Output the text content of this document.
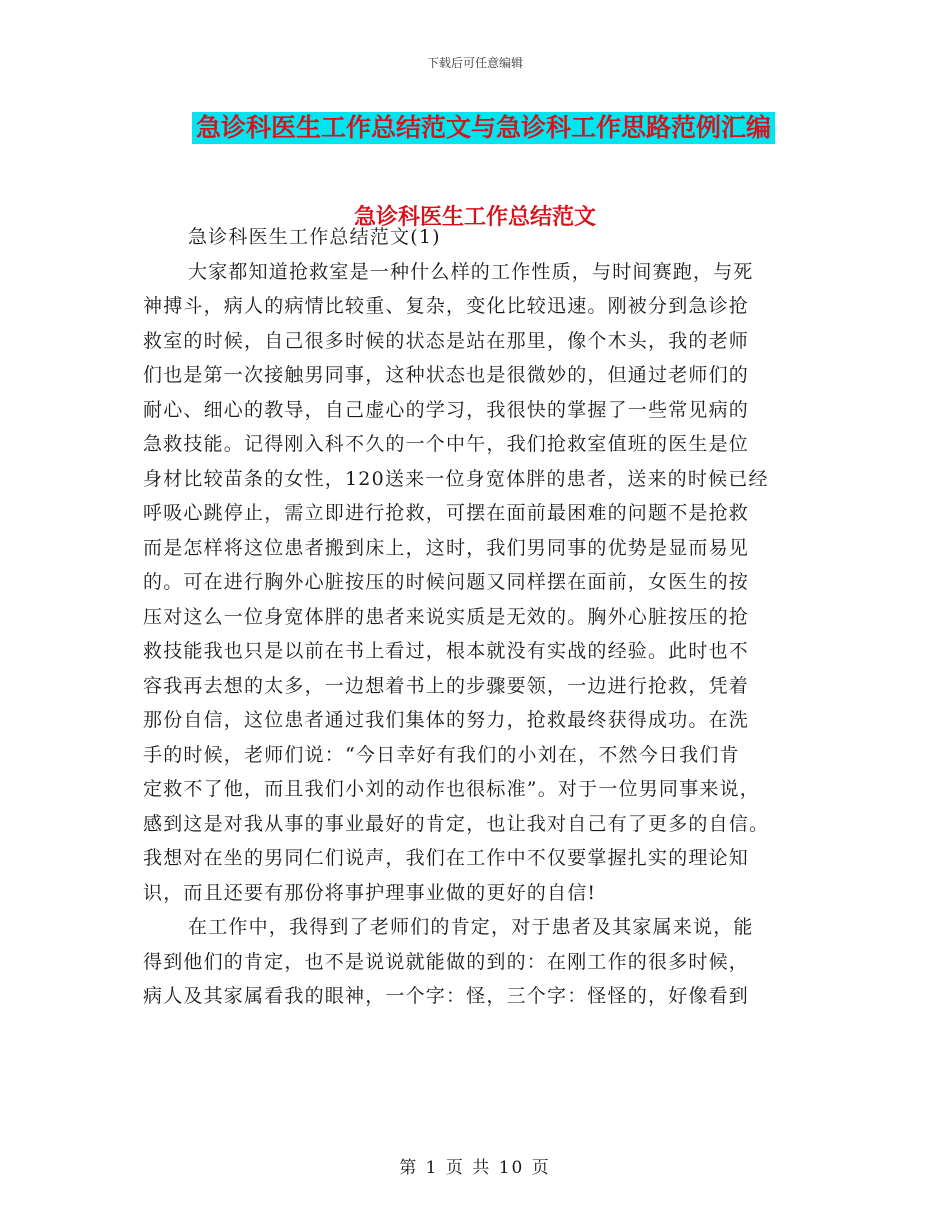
下载后可任意编辑
急诊科医生工作总结范文与急诊科工作思路范例汇编
急诊科医生工作总结范文
急诊科医生工作总结范文(1)
大家都知道抢救室是一种什么样的工作性质，与时间赛跑，与死
神搏斗，病人的病情比较重、复杂，变化比较迅速。刚被分到急诊抢
救室的时候，自己很多时候的状态是站在那里，像个木头，我的老师
们也是第一次接触男同事，这种状态也是很微妙的，但通过老师们的
耐心、细心的教导，自己虚心的学习，我很快的掌握了一些常见病的
急救技能。记得刚入科不久的一个中午，我们抢救室值班的医生是位
身材比较苗条的女性，120送来一位身宽体胖的患者，送来的时候已经
呼吸心跳停止，需立即进行抢救，可摆在面前最困难的问题不是抢救
而是怎样将这位患者搬到床上，这时，我们男同事的优势是显而易见
的。可在进行胸外心脏按压的时候问题又同样摆在面前，女医生的按
压对这么一位身宽体胖的患者来说实质是无效的。胸外心脏按压的抢
救技能我也只是以前在书上看过，根本就没有实战的经验。此时也不
容我再去想的太多，一边想着书上的步骤要领，一边进行抢救，凭着
那份自信，这位患者通过我们集体的努力，抢救最终获得成功。在洗
手的时候，老师们说：“今日幸好有我们的小刘在，不然今日我们肯
定救不了他，而且我们小刘的动作也很标准”。对于一位男同事来说，
感到这是对我从事的事业最好的肯定，也让我对自己有了更多的自信。
我想对在坐的男同仁们说声，我们在工作中不仅要掌握扎实的理论知
识，而且还要有那份将事护理事业做的更好的自信!
在工作中，我得到了老师们的肯定，对于患者及其家属来说，能
得到他们的肯定，也不是说说就能做的到的：在刚工作的很多时候，
病人及其家属看我的眼神，一个字：怪，三个字：怪怪的，好像看到
第 1 页 共 10 页
